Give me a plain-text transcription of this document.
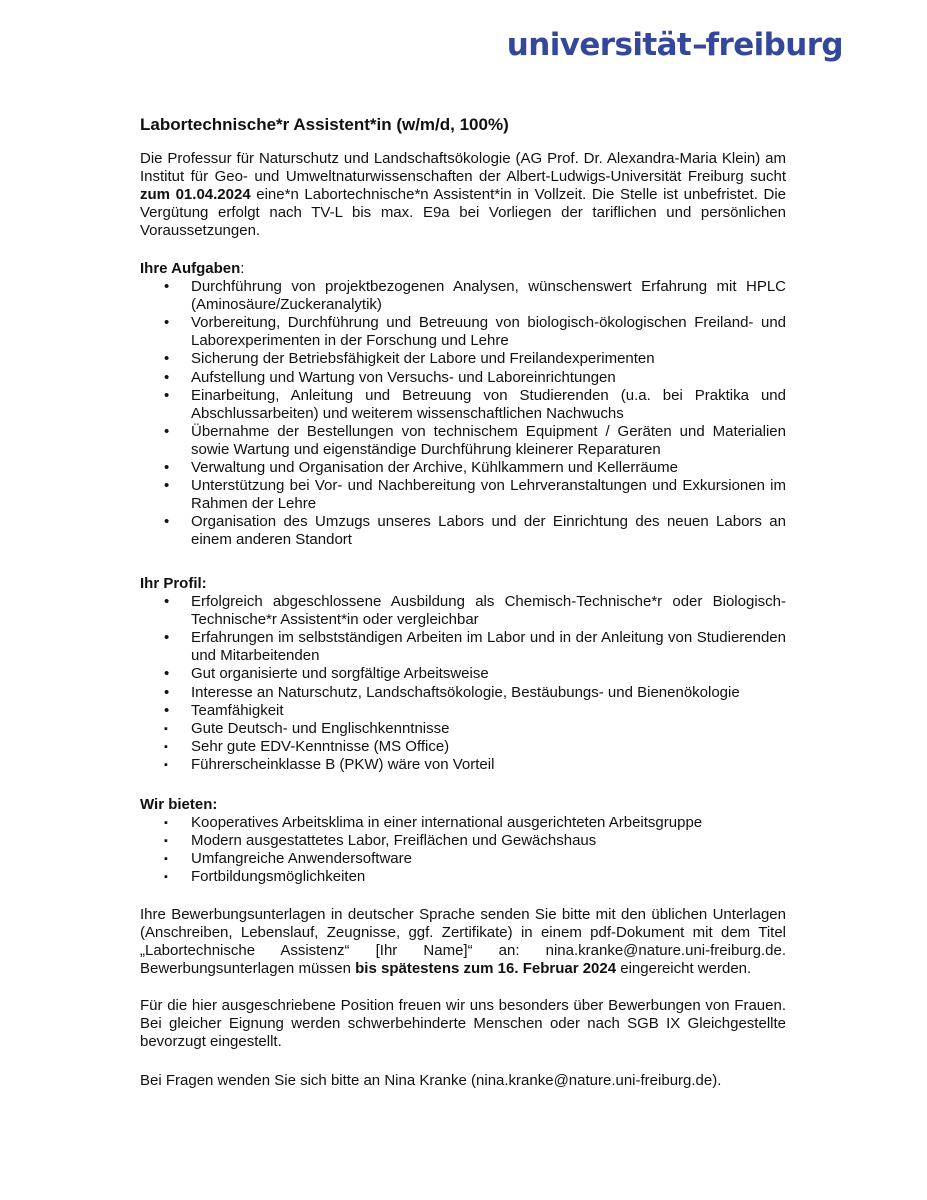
universität–freiburg
Labortechnische*r Assistent*in (w/m/d, 100%)

Die Professur für Naturschutz und Landschaftsökologie (AG Prof. Dr. Alexandra-Maria Klein) am Institut für Geo- und Umweltnaturwissenschaften der Albert-Ludwigs-Universität Freiburg sucht zum 01.04.2024 eine*n Labortechnische*n Assistent*in in Vollzeit. Die Stelle ist unbefristet. Die Vergütung erfolgt nach TV-L bis max. E9a bei Vorliegen der tariflichen und persönlichen Voraussetzungen.

Ihre Aufgaben:
• Durchführung von projektbezogenen Analysen, wünschenswert Erfahrung mit HPLC (Aminosäure/Zuckeranalytik)
• Vorbereitung, Durchführung und Betreuung von biologisch-ökologischen Freiland- und Laborexperimenten in der Forschung und Lehre
• Sicherung der Betriebsfähigkeit der Labore und Freilandexperimenten
• Aufstellung und Wartung von Versuchs- und Laboreinrichtungen
• Einarbeitung, Anleitung und Betreuung von Studierenden (u.a. bei Praktika und Abschlussarbeiten) und weiterem wissenschaftlichen Nachwuchs
• Übernahme der Bestellungen von technischem Equipment / Geräten und Materialien sowie Wartung und eigenständige Durchführung kleinerer Reparaturen
• Verwaltung und Organisation der Archive, Kühlkammern und Kellerräume
• Unterstützung bei Vor- und Nachbereitung von Lehrveranstaltungen und Exkursionen im Rahmen der Lehre
• Organisation des Umzugs unseres Labors und der Einrichtung des neuen Labors an einem anderen Standort
Ihr Profil:
• Erfolgreich abgeschlossene Ausbildung als Chemisch-Technische*r oder Biologisch-Technische*r Assistent*in oder vergleichbar
• Erfahrungen im selbstständigen Arbeiten im Labor und in der Anleitung von Studierenden und Mitarbeitenden
• Gut organisierte und sorgfältige Arbeitsweise
• Interesse an Naturschutz, Landschaftsökologie, Bestäubungs- und Bienenökologie
• Teamfähigkeit
▪ Gute Deutsch- und Englischkenntnisse
▪ Sehr gute EDV-Kenntnisse (MS Office)
▪ Führerscheinklasse B (PKW) wäre von Vorteil
Wir bieten:
▪ Kooperatives Arbeitsklima in einer international ausgerichteten Arbeitsgruppe
▪ Modern ausgestattetes Labor, Freiflächen und Gewächshaus
▪ Umfangreiche Anwendersoftware
▪ Fortbildungsmöglichkeiten

Ihre Bewerbungsunterlagen in deutscher Sprache senden Sie bitte mit den üblichen Unterlagen (Anschreiben, Lebenslauf, Zeugnisse, ggf. Zertifikate) in einem pdf-Dokument mit dem Titel „Labortechnische Assistenz“ [Ihr Name]“ an: nina.kranke@nature.uni-freiburg.de. Bewerbungsunterlagen müssen bis spätestens zum 16. Februar 2024 eingereicht werden.

Für die hier ausgeschriebene Position freuen wir uns besonders über Bewerbungen von Frauen. Bei gleicher Eignung werden schwerbehinderte Menschen oder nach SGB IX Gleichgestellte bevorzugt eingestellt.

Bei Fragen wenden Sie sich bitte an Nina Kranke (nina.kranke@nature.uni-freiburg.de).
